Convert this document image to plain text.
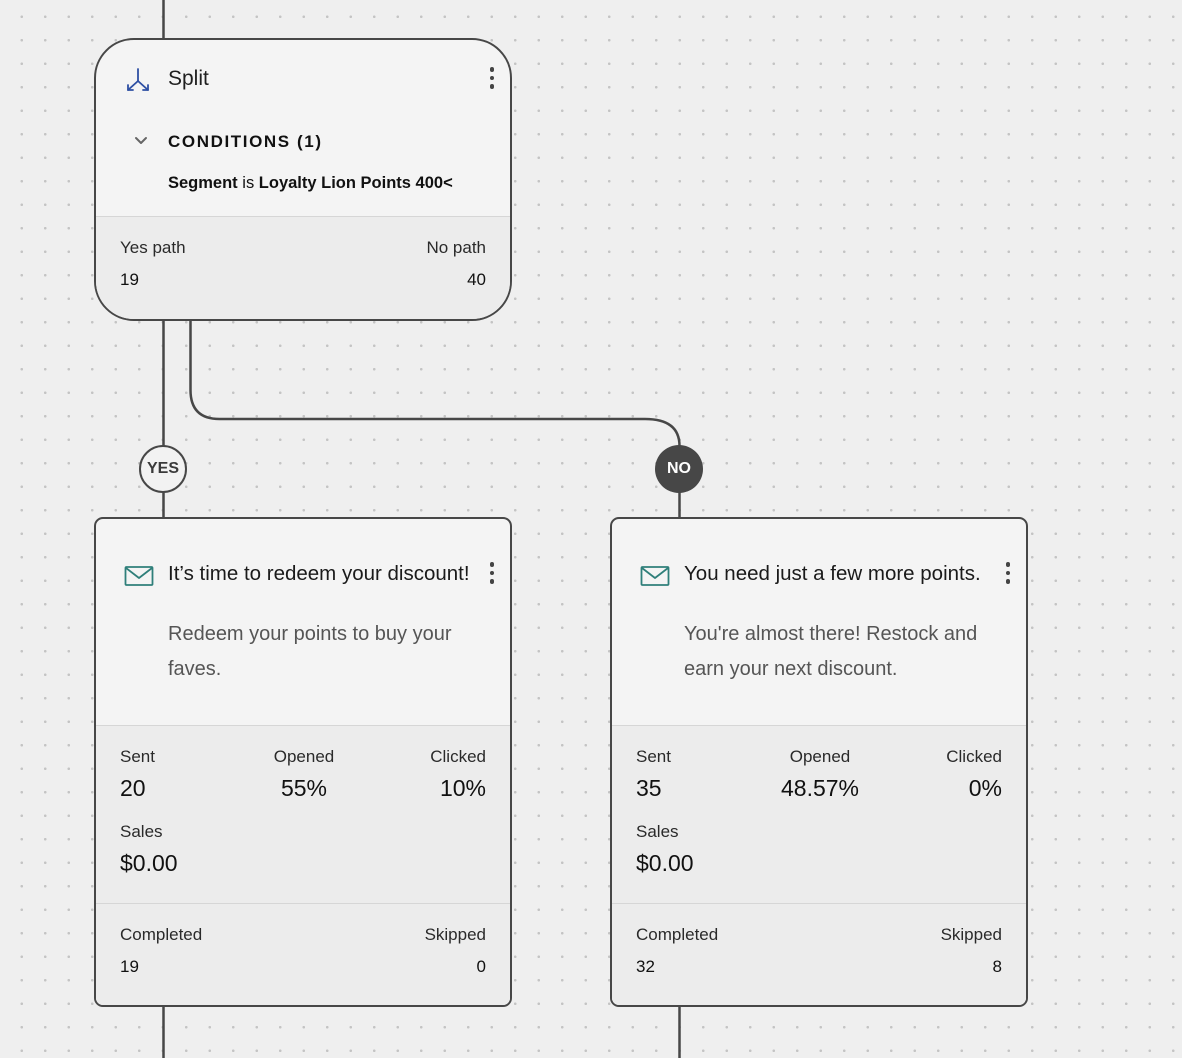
Split
CONDITIONS (1)
Segment is Loyalty Lion Points 400<
Yes path
19
No path
40
YES	NO
It’s time to redeem your discount!
Redeem your points to buy your faves.
Sent
20
Opened
55%
Clicked
10%
Sales
$0.00
Completed
19
Skipped
0
You need just a few more points.
You're almost there! Restock and earn your next discount.
Sent
35
Opened
48.57%
Clicked
0%
Sales
$0.00
Completed
32
Skipped
8
